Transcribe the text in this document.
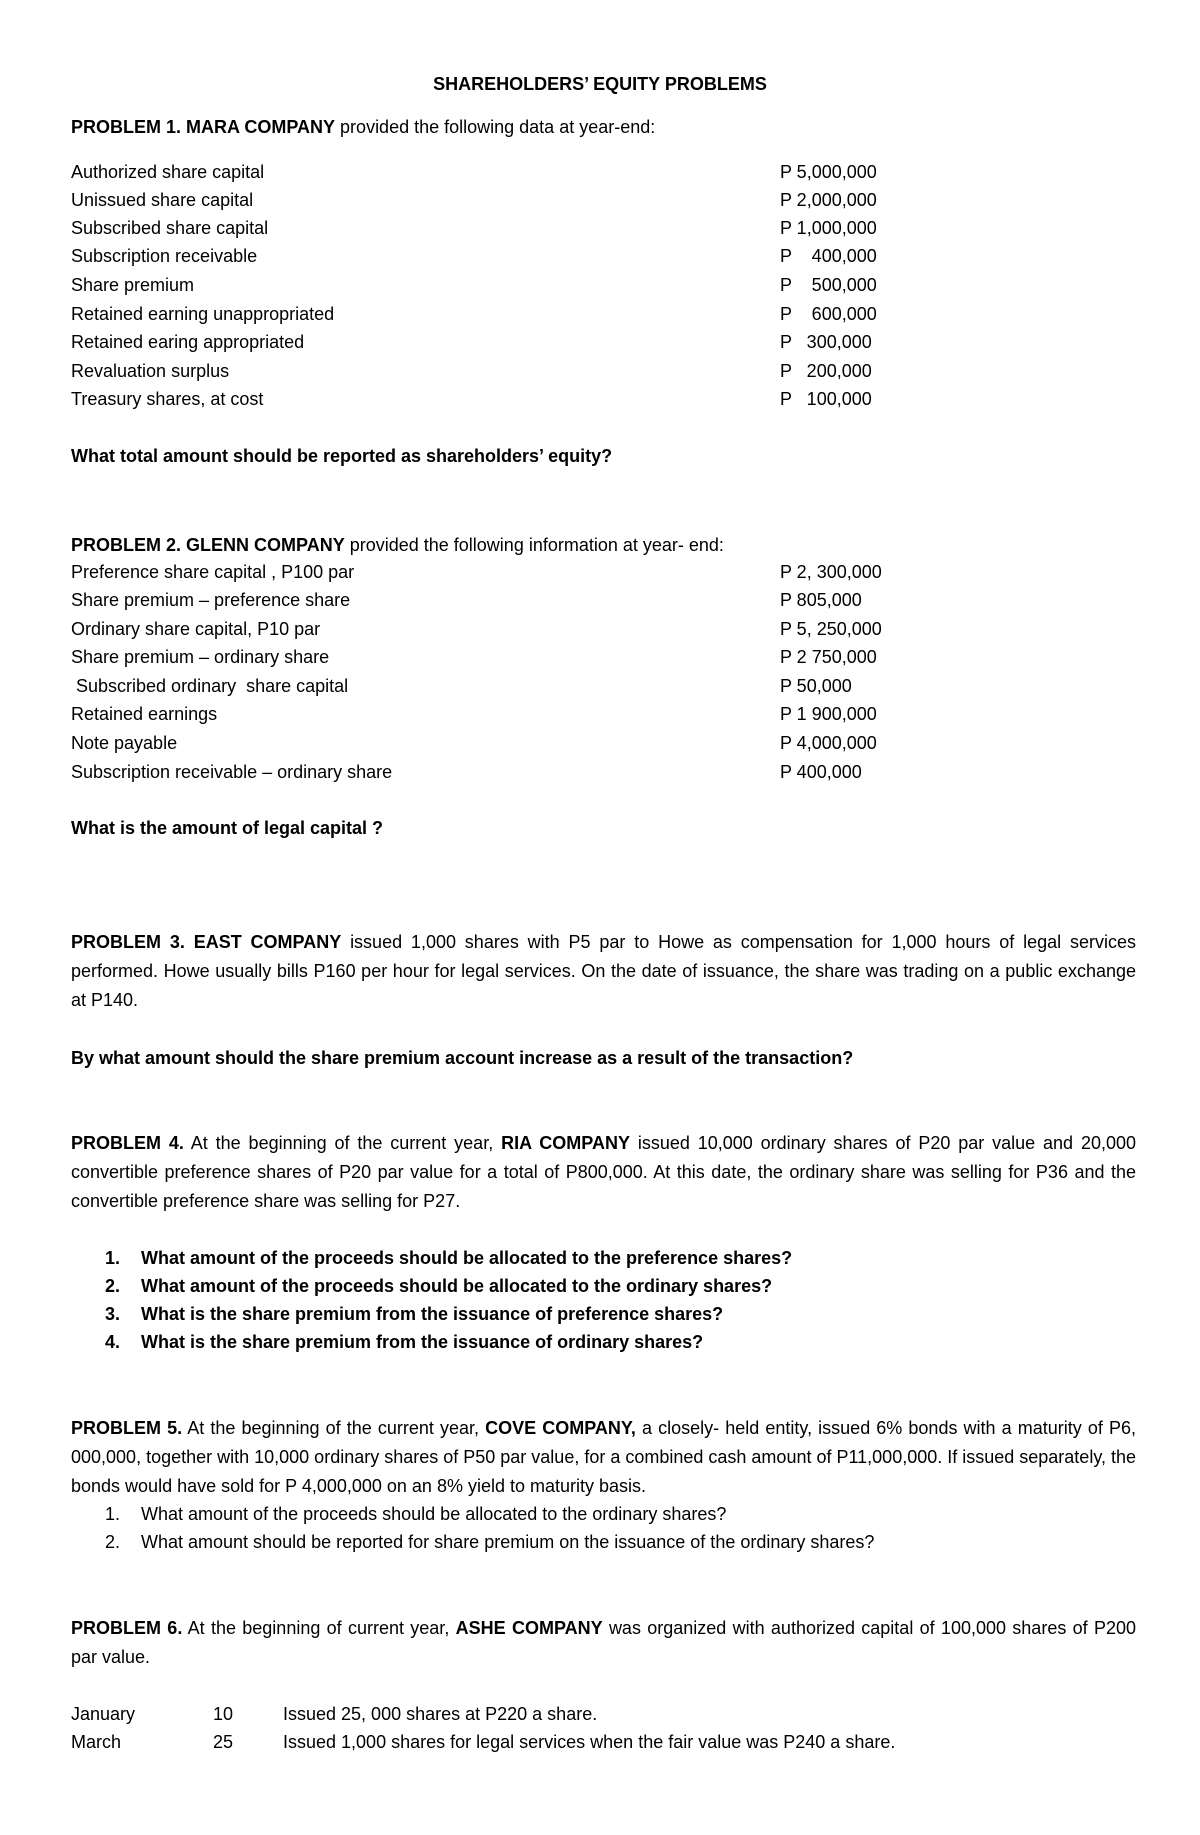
SHAREHOLDERS’ EQUITY PROBLEMS
PROBLEM 1. MARA COMPANY provided the following data at year-end:
Authorized share capital	P 5,000,000
Unissued share capital	P 2,000,000
Subscribed share capital	P 1,000,000
Subscription receivable	P    400,000
Share premium	P    500,000
Retained earning unappropriated	P    600,000
Retained earing appropriated	P   300,000
Revaluation surplus	P   200,000
Treasury shares, at cost	P   100,000
What total amount should be reported as shareholders’ equity?
PROBLEM 2. GLENN COMPANY provided the following information at year- end:
Preference share capital , P100 par	P 2, 300,000
Share premium – preference share	P 805,000
Ordinary share capital, P10 par	P 5, 250,000
Share premium – ordinary share	P 2 750,000
Subscribed ordinary  share capital	P 50,000
Retained earnings	P 1 900,000
Note payable	P 4,000,000
Subscription receivable – ordinary share	P 400,000
What is the amount of legal capital ?
PROBLEM 3. EAST COMPANY issued 1,000 shares with P5 par to Howe as compensation for 1,000 hours of legal services performed. Howe usually bills P160 per hour for legal services. On the date of issuance, the share was trading on a public exchange at P140.
By what amount should the share premium account increase as a result of the transaction?
PROBLEM 4. At the beginning of the current year, RIA COMPANY issued 10,000 ordinary shares of P20 par value and 20,000 convertible preference shares of P20 par value for a total of P800,000. At this date, the ordinary share was selling for P36 and the convertible preference share was selling for P27.
1. What amount of the proceeds should be allocated to the preference shares?
2. What amount of the proceeds should be allocated to the ordinary shares?
3. What is the share premium from the issuance of preference shares?
4. What is the share premium from the issuance of ordinary shares?
PROBLEM 5. At the beginning of the current year, COVE COMPANY, a closely- held entity, issued 6% bonds with a maturity of P6, 000,000, together with 10,000 ordinary shares of P50 par value, for a combined cash amount of P11,000,000. If issued separately, the bonds would have sold for P 4,000,000 on an 8% yield to maturity basis.
1. What amount of the proceeds should be allocated to the ordinary shares?
2. What amount should be reported for share premium on the issuance of the ordinary shares?
PROBLEM 6. At the beginning of current year, ASHE COMPANY was organized with authorized capital of 100,000 shares of P200 par value.
January	10	Issued 25, 000 shares at P220 a share.
March	25	Issued 1,000 shares for legal services when the fair value was P240 a share.
